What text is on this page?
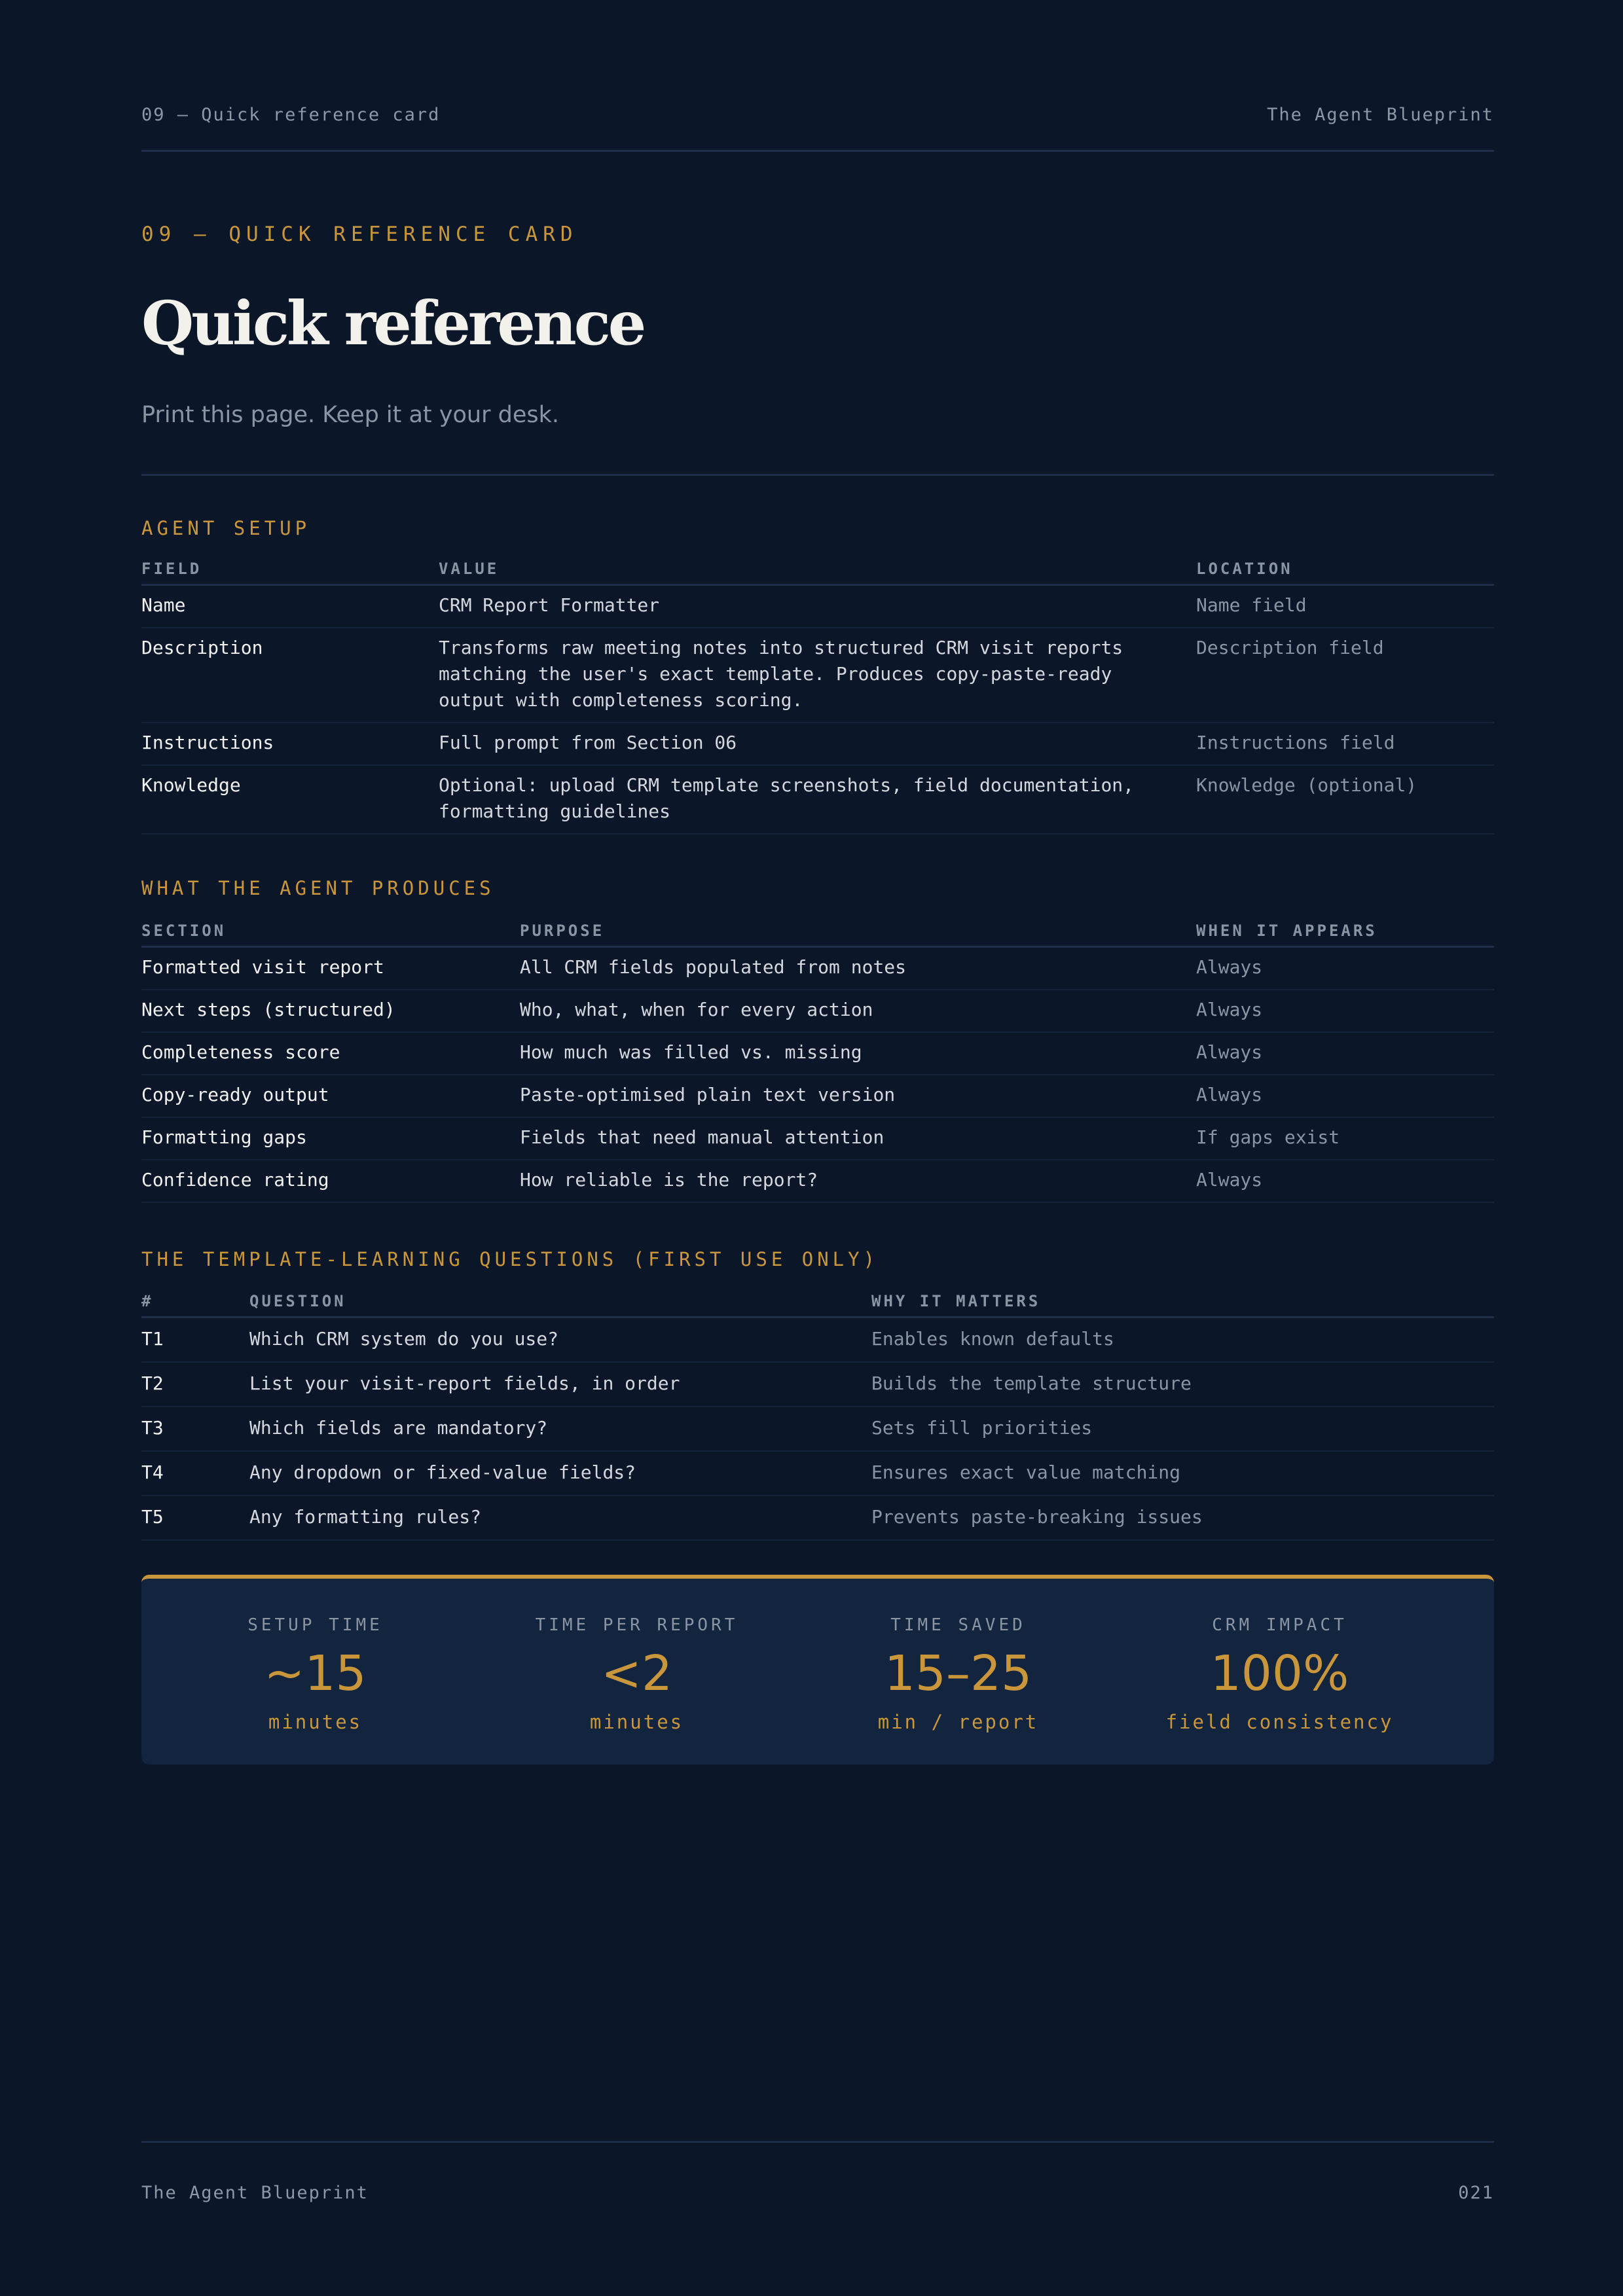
09 — Quick reference card	The Agent Blueprint
09 — QUICK REFERENCE CARD
Quick reference

Print this page. Keep it at your desk.

AGENT SETUP
FIELD	VALUE	LOCATION
Name	CRM Report Formatter	Name field
Description	Transforms raw meeting notes into structured CRM visit reports matching the user's exact template. Produces copy-paste-ready output with completeness scoring.	Description field
Instructions	Full prompt from Section 06	Instructions field
Knowledge	Optional: upload CRM template screenshots, field documentation, formatting guidelines	Knowledge (optional)
WHAT THE AGENT PRODUCES
SECTION	PURPOSE	WHEN IT APPEARS
Formatted visit report	All CRM fields populated from notes	Always
Next steps (structured)	Who, what, when for every action	Always
Completeness score	How much was filled vs. missing	Always
Copy-ready output	Paste-optimised plain text version	Always
Formatting gaps	Fields that need manual attention	If gaps exist
Confidence rating	How reliable is the report?	Always
THE TEMPLATE-LEARNING QUESTIONS (FIRST USE ONLY)
#	QUESTION	WHY IT MATTERS
T1	Which CRM system do you use?	Enables known defaults
T2	List your visit-report fields, in order	Builds the template structure
T3	Which fields are mandatory?	Sets fill priorities
T4	Any dropdown or fixed-value fields?	Ensures exact value matching
T5	Any formatting rules?	Prevents paste-breaking issues
SETUP TIME
~15
minutes
TIME PER REPORT
<2
minutes
TIME SAVED
15–25
min / report
CRM IMPACT
100%
field consistency
The Agent Blueprint	021
